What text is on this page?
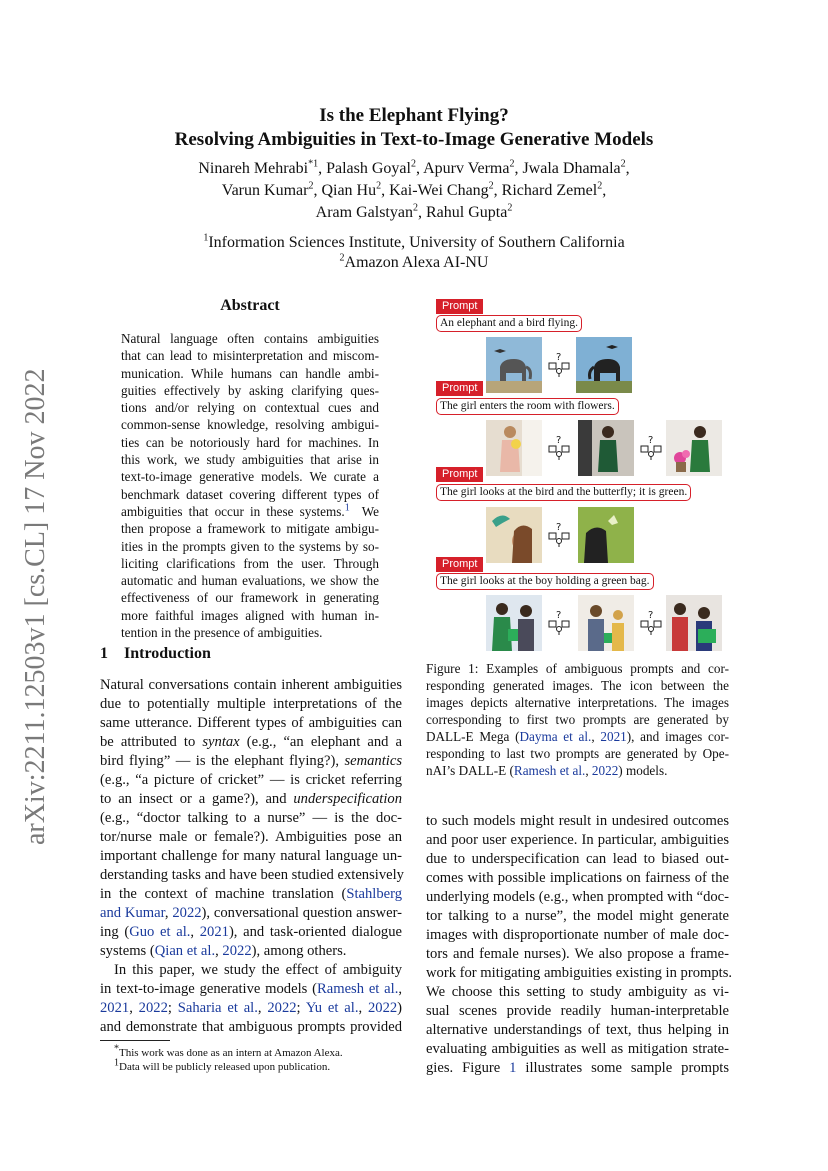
arXiv:2211.12503v1 [cs.CL] 17 Nov 2022
Is the Elephant Flying?
Resolving Ambiguities in Text-to-Image Generative Models
Ninareh Mehrabi$^{*1}$, Palash Goyal$^2$, Apurv Verma$^2$, Jwala Dhamala$^2$,
Varun Kumar$^2$, Qian Hu$^2$, Kai-Wei Chang$^2$, Richard Zemel$^2$,
Aram Galstyan$^2$, Rahul Gupta$^2$
$^1$Information Sciences Institute, University of Southern California
$^2$Amazon Alexa AI-NU
Abstract
Natural language often contains ambiguities
that can lead to misinterpretation and miscom-
munication. While humans can handle ambi-
guities effectively by asking clarifying ques-
tions and/or relying on contextual cues and
common-sense knowledge, resolving ambigui-
ties can be notoriously hard for machines. In
this work, we study ambiguities that arise in
text-to-image generative models. We curate a
benchmark dataset covering different types of
ambiguities that occur in these systems.$^1$ We
then propose a framework to mitigate ambigu-
ities in the prompts given to the systems by so-
liciting clarifications from the user. Through
automatic and human evaluations, we show the
effectiveness of our framework in generating
more faithful images aligned with human in-
tention in the presence of ambiguities.
1 Introduction
Natural conversations contain inherent ambiguities
due to potentially multiple interpretations of the
same utterance. Different types of ambiguities can
be attributed to syntax (e.g., “an elephant and a
bird flying” — is the elephant flying?), semantics
(e.g., “a picture of cricket” — is cricket referring
to an insect or a game?), and underspecification
(e.g., “doctor talking to a nurse” — is the doc-
tor/nurse male or female?). Ambiguities pose an
important challenge for many natural language un-
derstanding tasks and have been studied extensively
in the context of machine translation (Stahlberg
and Kumar, 2022), conversational question answer-
ing (Guo et al., 2021), and task-oriented dialogue
systems (Qian et al., 2022), among others.
In this paper, we study the effect of ambiguity
in text-to-image generative models (Ramesh et al.,
2021, 2022; Saharia et al., 2022; Yu et al., 2022)
and demonstrate that ambiguous prompts provided
*This work was done as an intern at Amazon Alexa.
$^1$Data will be publicly released upon publication.
Prompt
An elephant and a bird flying.
?
Prompt
The girl enters the room with flowers.
?	?
Prompt
The girl looks at the bird and the butterfly; it is green.
?
Prompt
The girl looks at the boy holding a green bag.
?	?
Figure 1: Examples of ambiguous prompts and cor-
responding generated images. The icon between the
images depicts alternative interpretations. The images
corresponding to first two prompts are generated by
DALL-E Mega (Dayma et al., 2021), and images cor-
responding to last two prompts are generated by Ope-
nAI’s DALL-E (Ramesh et al., 2022) models.
to such models might result in undesired outcomes
and poor user experience. In particular, ambiguities
due to underspecification can lead to biased out-
comes with possible implications on fairness of the
underlying models (e.g., when prompted with “doc-
tor talking to a nurse”, the model might generate
images with disproportionate number of male doc-
tors and female nurses). We also propose a frame-
work for mitigating ambiguities existing in prompts.
We choose this setting to study ambiguity as vi-
sual scenes provide readily human-interpretable
alternative understandings of text, thus helping in
evaluating ambiguities as well as mitigation strate-
gies. Figure 1 illustrates some sample prompts
